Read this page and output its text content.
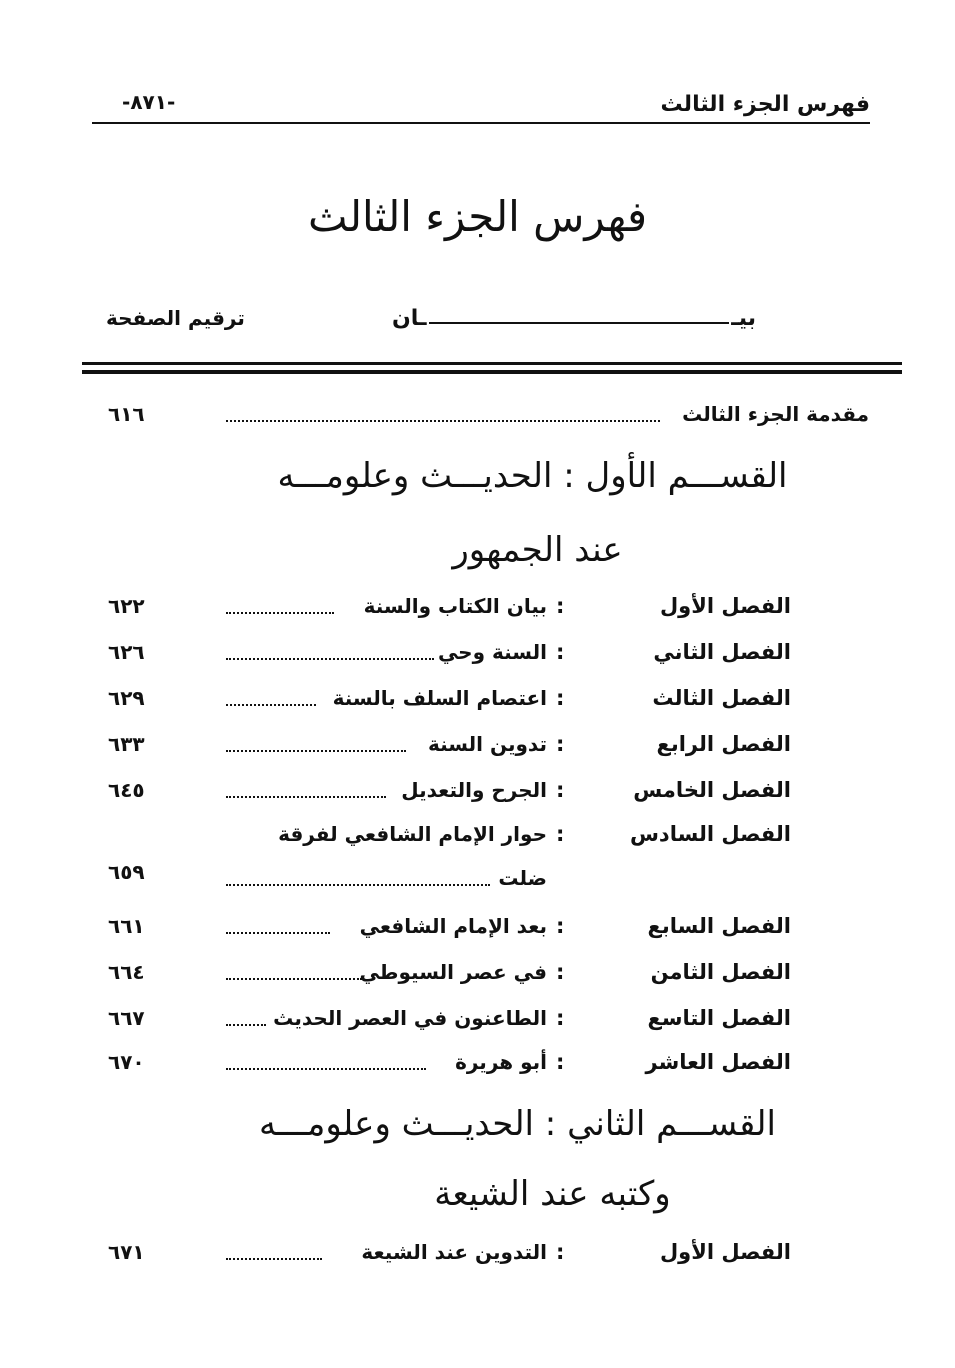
فهرس الجزء الثالث
-٨٧١-
فهرس الجزء الثالث
بيـ
ـان
ترقيم الصفحة
مقدمة الجزء الثالث
٦١٦
القســـم الأول : الحديـــث وعلومـــه
عند الجمهور
الفصل الأول
:
بيان الكتاب والسنة
٦٢٢
الفصل الثاني
:
السنة وحي
٦٢٦
الفصل الثالث
:
اعتصام السلف بالسنة
٦٢٩
الفصل الرابع
:
تدوين السنة
٦٣٣
الفصل الخامس
:
الجرح والتعديل
٦٤٥
الفصل السادس
:
حوار الإمام الشافعي لفرقة
ضلت
٦٥٩
الفصل السابع
:
بعد الإمام الشافعي
٦٦١
الفصل الثامن
:
في عصر السيوطي
٦٦٤
الفصل التاسع
:
الطاعنون في العصر الحديث
٦٦٧
الفصل العاشر
:
أبو هريرة
٦٧٠
القســـم الثاني : الحديـــث وعلومـــه
وكتبه عند الشيعة
الفصل الأول
:
التدوين عند الشيعة
٦٧١
